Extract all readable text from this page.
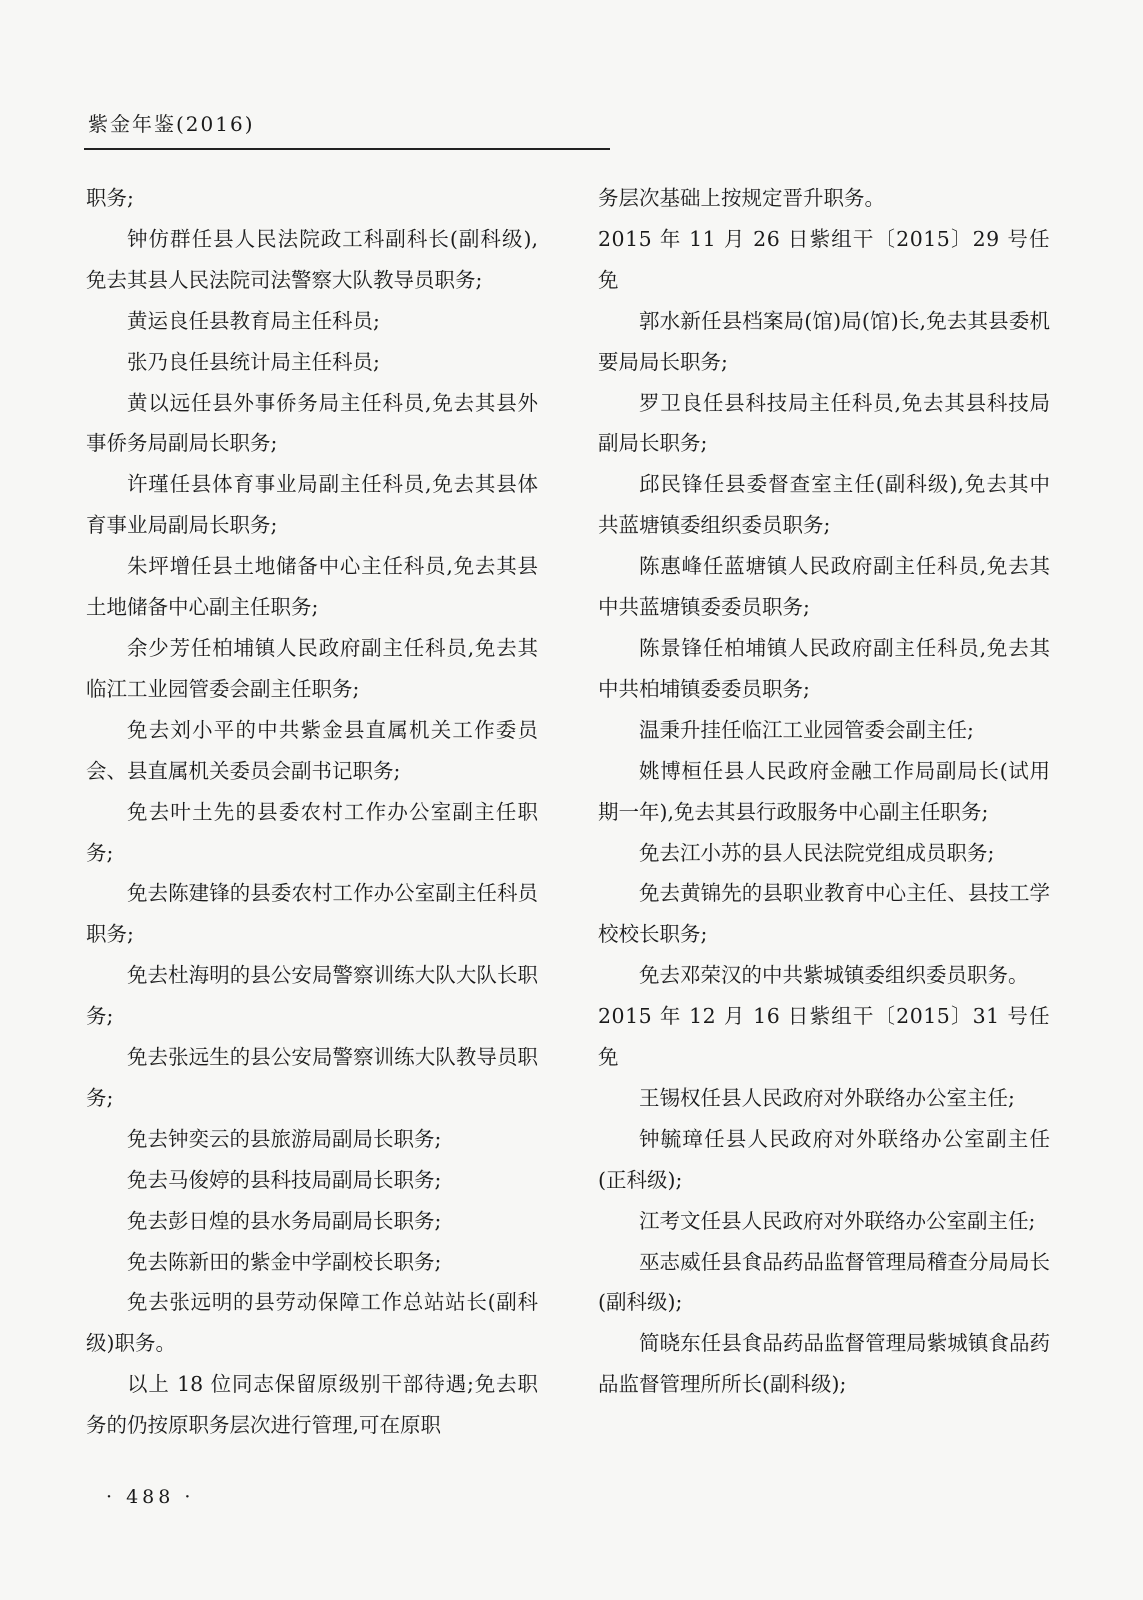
紫金年鉴(2016)

职务;

钟仿群任县人民法院政工科副科长(副科级),免去其县人民法院司法警察大队教导员职务;

黄运良任县教育局主任科员;

张乃良任县统计局主任科员;

黄以远任县外事侨务局主任科员,免去其县外事侨务局副局长职务;

许瑾任县体育事业局副主任科员,免去其县体育事业局副局长职务;

朱坪增任县土地储备中心主任科员,免去其县土地储备中心副主任职务;

余少芳任柏埔镇人民政府副主任科员,免去其临江工业园管委会副主任职务;

免去刘小平的中共紫金县直属机关工作委员会、县直属机关委员会副书记职务;

免去叶土先的县委农村工作办公室副主任职务;

免去陈建锋的县委农村工作办公室副主任科员职务;

免去杜海明的县公安局警察训练大队大队长职务;

免去张远生的县公安局警察训练大队教导员职务;

免去钟奕云的县旅游局副局长职务;

免去马俊婷的县科技局副局长职务;

免去彭日煌的县水务局副局长职务;

免去陈新田的紫金中学副校长职务;

免去张远明的县劳动保障工作总站站长(副科级)职务。

以上 18 位同志保留原级别干部待遇;免去职务的仍按原职务层次进行管理,可在原职

务层次基础上按规定晋升职务。

2015 年 11 月 26 日紫组干〔2015〕29 号任免

郭水新任县档案局(馆)局(馆)长,免去其县委机要局局长职务;

罗卫良任县科技局主任科员,免去其县科技局副局长职务;

邱民锋任县委督查室主任(副科级),免去其中共蓝塘镇委组织委员职务;

陈惠峰任蓝塘镇人民政府副主任科员,免去其中共蓝塘镇委委员职务;

陈景锋任柏埔镇人民政府副主任科员,免去其中共柏埔镇委委员职务;

温秉升挂任临江工业园管委会副主任;

姚博桓任县人民政府金融工作局副局长(试用期一年),免去其县行政服务中心副主任职务;

免去江小苏的县人民法院党组成员职务;

免去黄锦先的县职业教育中心主任、县技工学校校长职务;

免去邓荣汉的中共紫城镇委组织委员职务。

2015 年 12 月 16 日紫组干〔2015〕31 号任免

王锡权任县人民政府对外联络办公室主任;

钟毓璋任县人民政府对外联络办公室副主任(正科级);

江考文任县人民政府对外联络办公室副主任;

巫志威任县食品药品监督管理局稽查分局局长(副科级);

简晓东任县食品药品监督管理局紫城镇食品药品监督管理所所长(副科级);

· 488 ·
